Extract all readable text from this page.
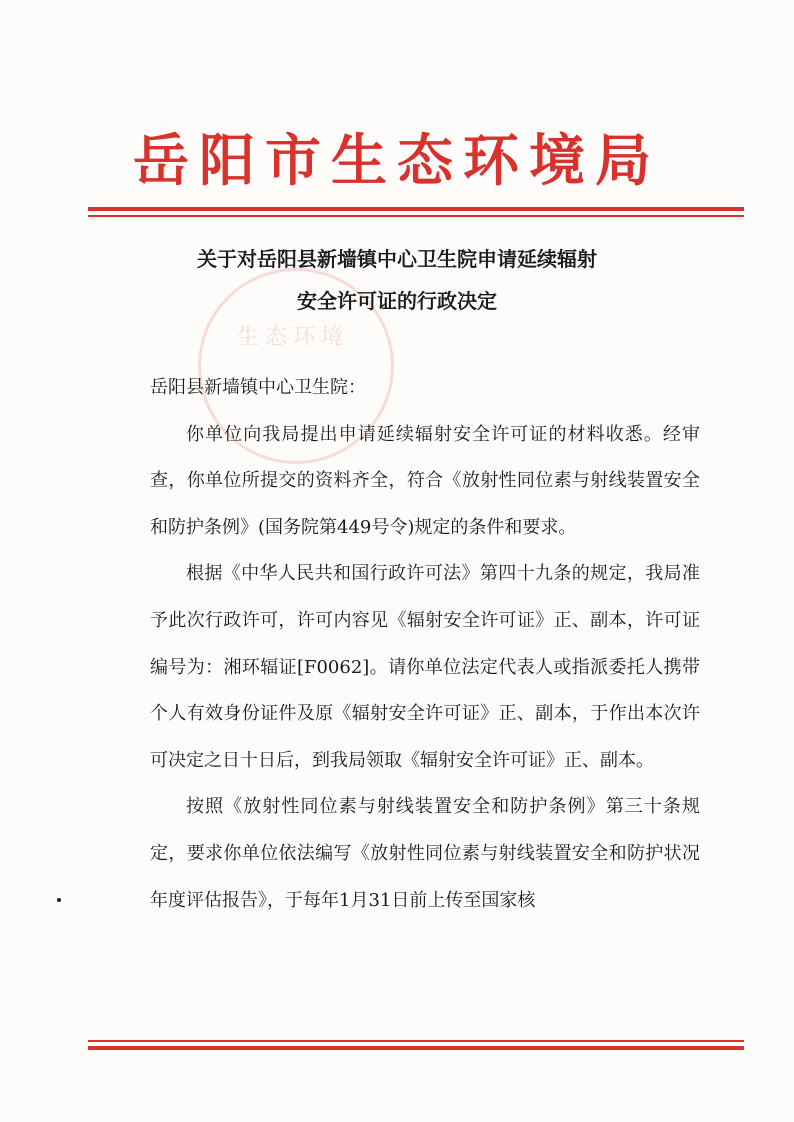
生态环境
岳阳市生态环境局
关于对岳阳县新墙镇中心卫生院申请延续辐射
安全许可证的行政决定

岳阳县新墙镇中心卫生院：

你单位向我局提出申请延续辐射安全许可证的材料收悉。经审查，你单位所提交的资料齐全，符合《放射性同位素与射线装置安全和防护条例》(国务院第449号令)规定的条件和要求。

根据《中华人民共和国行政许可法》第四十九条的规定，我局准予此次行政许可，许可内容见《辐射安全许可证》正、副本，许可证编号为：湘环辐证[F0062]。请你单位法定代表人或指派委托人携带个人有效身份证件及原《辐射安全许可证》正、副本，于作出本次许可决定之日十日后，到我局领取《辐射安全许可证》正、副本。

按照《放射性同位素与射线装置安全和防护条例》第三十条规定，要求你单位依法编写《放射性同位素与射线装置安全和防护状况年度评估报告》，于每年1月31日前上传至国家核
